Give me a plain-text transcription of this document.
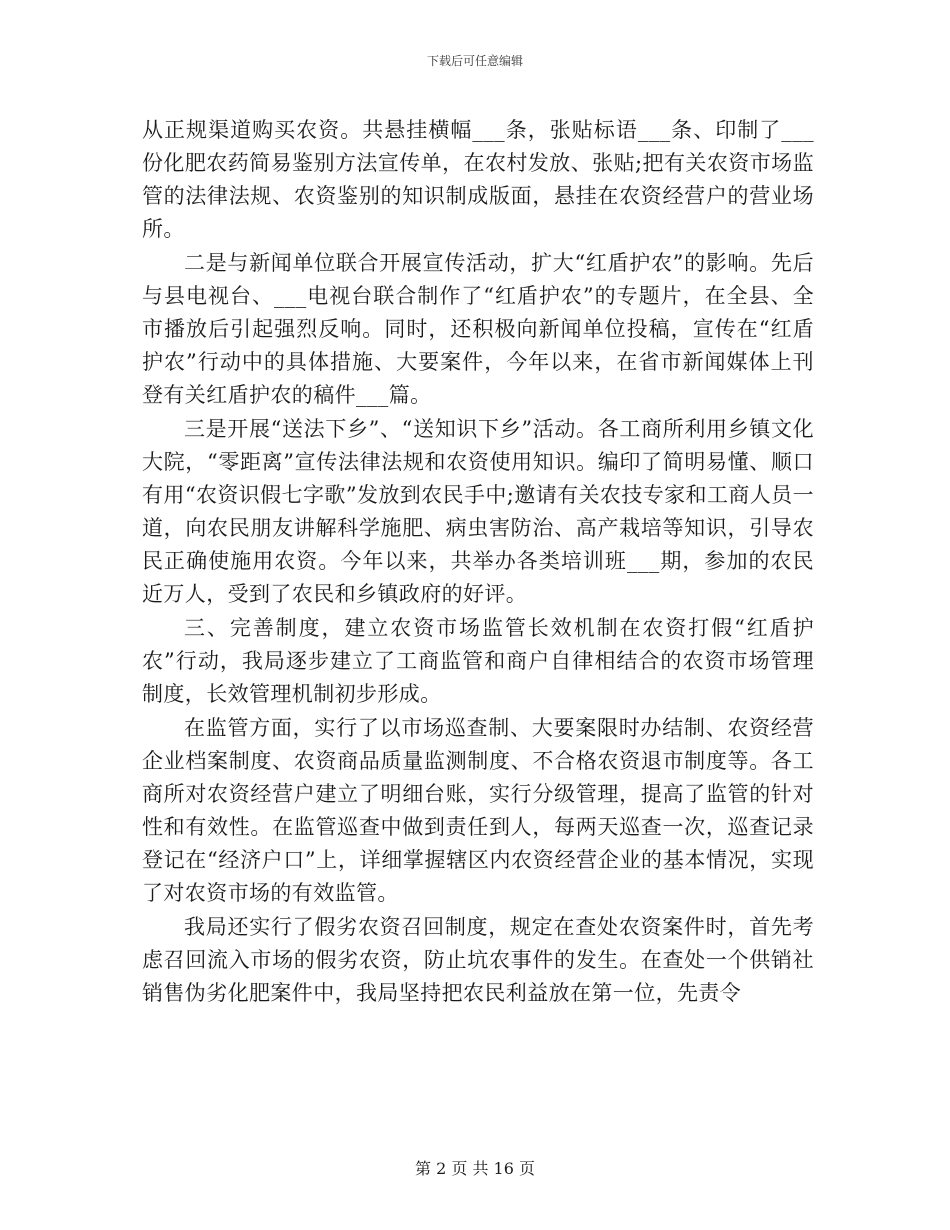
下载后可任意编辑

从正规渠道购买农资。共悬挂横幅___条，张贴标语___条、印制了___份化肥农药简易鉴别方法宣传单，在农村发放、张贴;把有关农资市场监管的法律法规、农资鉴别的知识制成版面，悬挂在农资经营户的营业场所。

二是与新闻单位联合开展宣传活动，扩大“红盾护农”的影响。先后与县电视台、___电视台联合制作了“红盾护农”的专题片，在全县、全市播放后引起强烈反响。同时，还积极向新闻单位投稿，宣传在“红盾护农”行动中的具体措施、大要案件，今年以来，在省市新闻媒体上刊登有关红盾护农的稿件___篇。

三是开展“送法下乡”、“送知识下乡”活动。各工商所利用乡镇文化大院，“零距离”宣传法律法规和农资使用知识。编印了简明易懂、顺口有用“农资识假七字歌”发放到农民手中;邀请有关农技专家和工商人员一道，向农民朋友讲解科学施肥、病虫害防治、高产栽培等知识，引导农民正确使施用农资。今年以来，共举办各类培训班___期，参加的农民近万人，受到了农民和乡镇政府的好评。

三、完善制度，建立农资市场监管长效机制在农资打假“红盾护农”行动，我局逐步建立了工商监管和商户自律相结合的农资市场管理制度，长效管理机制初步形成。

在监管方面，实行了以市场巡查制、大要案限时办结制、农资经营企业档案制度、农资商品质量监测制度、不合格农资退市制度等。各工商所对农资经营户建立了明细台账，实行分级管理，提高了监管的针对性和有效性。在监管巡查中做到责任到人，每两天巡查一次，巡查记录登记在“经济户口”上，详细掌握辖区内农资经营企业的基本情况，实现了对农资市场的有效监管。

我局还实行了假劣农资召回制度，规定在查处农资案件时，首先考虑召回流入市场的假劣农资，防止坑农事件的发生。在查处一个供销社销售伪劣化肥案件中，我局坚持把农民利益放在第一位，先责令

第 2 页 共 16 页
